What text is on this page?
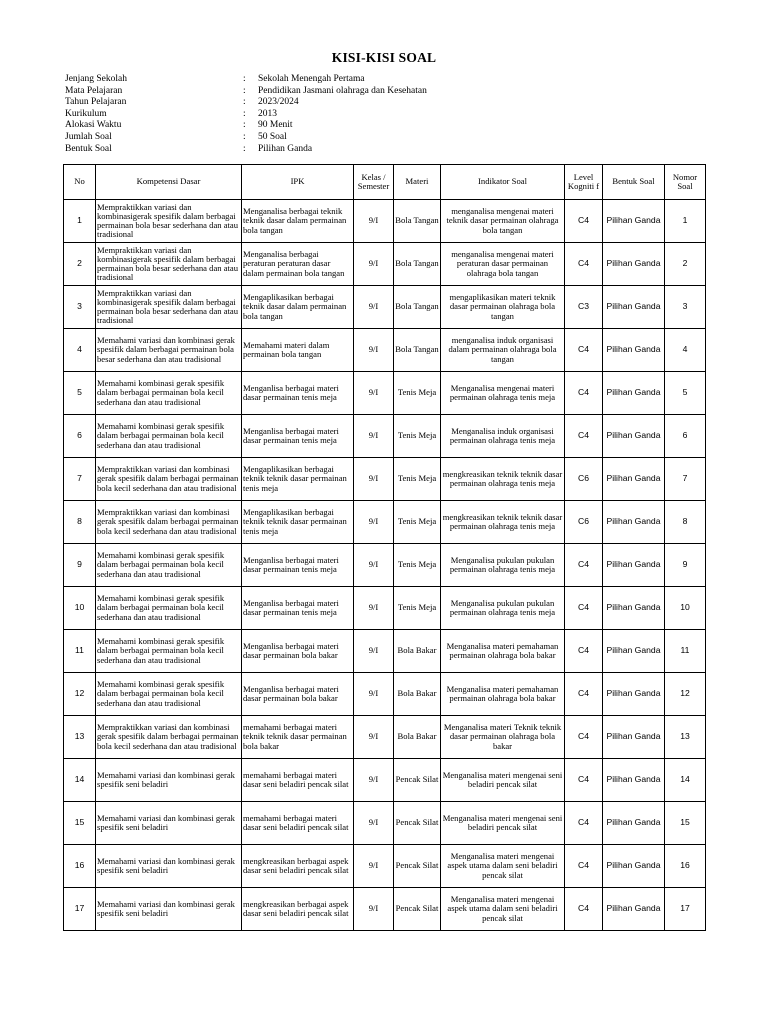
KISI-KISI SOAL
Jenjang Sekolah	:	Sekolah Menengah Pertama
Mata Pelajaran	:	Pendidikan Jasmani olahraga dan Kesehatan
Tahun Pelajaran	:	2023/2024
Kurikulum	:	2013
Alokasi Waktu	:	90 Menit
Jumlah Soal	:	50 Soal
Bentuk Soal	:	Pilihan Ganda
No	Kompetensi Dasar	IPK	Kelas / Semester	Materi	Indikator Soal	Level Kogniti f	Bentuk Soal	Nomor Soal
1	Mempraktikkan variasi dan kombinasigerak spesifik dalam berbagai permainan bola besar sederhana dan atau tradisional	Menganalisa berbagai teknik teknik dasar dalam permainan bola tangan	9/I	Bola Tangan	menganalisa mengenai materi teknik dasar permainan olahraga bola tangan	C4	Pilihan Ganda	1
2	Mempraktikkan variasi dan kombinasigerak spesifik dalam berbagai permainan bola besar sederhana dan atau tradisional	Menganalisa berbagai peraturan peraturan dasar dalam permainan bola tangan	9/I	Bola Tangan	menganalisa mengenai materi peraturan dasar permainan olahraga bola tangan	C4	Pilihan Ganda	2
3	Mempraktikkan variasi dan kombinasigerak spesifik dalam berbagai permainan bola besar sederhana dan atau tradisional	Mengaplikasikan berbagai teknik dasar dalam permainan bola tangan	9/I	Bola Tangan	mengaplikasikan materi teknik dasar permainan olahraga bola tangan	C3	Pilihan Ganda	3
4	Memahami variasi dan kombinasi gerak spesifik dalam berbagai permainan bola besar sederhana dan atau tradisional	Memahami materi dalam permainan bola tangan	9/I	Bola Tangan	menganalisa induk organisasi dalam permainan olahraga bola tangan	C4	Pilihan Ganda	4
5	Memahami kombinasi gerak spesifik dalam berbagai permainan bola kecil sederhana dan atau tradisional	Menganlisa berbagai materi dasar permainan tenis meja	9/I	Tenis Meja	Menganalisa mengenai materi permainan olahraga tenis meja	C4	Pilihan Ganda	5
6	Memahami kombinasi gerak spesifik dalam berbagai permainan bola kecil sederhana dan atau tradisional	Menganlisa berbagai materi dasar permainan tenis meja	9/I	Tenis Meja	Menganalisa induk organisasi permainan olahraga tenis meja	C4	Pilihan Ganda	6
7	Mempraktikkan variasi dan kombinasi gerak spesifik dalam berbagai permainan bola kecil sederhana dan atau tradisional	Mengaplikasikan berbagai teknik teknik dasar permainan tenis meja	9/I	Tenis Meja	mengkreasikan teknik teknik dasar permainan olahraga tenis meja	C6	Pilihan Ganda	7
8	Mempraktikkan variasi dan kombinasi gerak spesifik dalam berbagai permainan bola kecil sederhana dan atau tradisional	Mengaplikasikan berbagai teknik teknik dasar permainan tenis meja	9/I	Tenis Meja	mengkreasikan teknik teknik dasar permainan olahraga tenis meja	C6	Pilihan Ganda	8
9	Memahami kombinasi gerak spesifik dalam berbagai permainan bola kecil sederhana dan atau tradisional	Menganlisa berbagai materi dasar permainan tenis meja	9/I	Tenis Meja	Menganalisa pukulan pukulan permainan olahraga tenis meja	C4	Pilihan Ganda	9
10	Memahami kombinasi gerak spesifik dalam berbagai permainan bola kecil sederhana dan atau tradisional	Menganlisa berbagai materi dasar permainan tenis meja	9/I	Tenis Meja	Menganalisa pukulan pukulan permainan olahraga tenis meja	C4	Pilihan Ganda	10
11	Memahami kombinasi gerak spesifik dalam berbagai permainan bola kecil sederhana dan atau tradisional	Menganlisa berbagai materi dasar permainan bola bakar	9/I	Bola Bakar	Menganalisa materi pemahaman permainan olahraga bola bakar	C4	Pilihan Ganda	11
12	Memahami kombinasi gerak spesifik dalam berbagai permainan bola kecil sederhana dan atau tradisional	Menganlisa berbagai materi dasar permainan bola bakar	9/I	Bola Bakar	Menganalisa materi pemahaman permainan olahraga bola bakar	C4	Pilihan Ganda	12
13	Mempraktikkan variasi dan kombinasi gerak spesifik dalam berbagai permainan bola kecil sederhana dan atau tradisional	memahami berbagai materi teknik teknik dasar permainan bola bakar	9/I	Bola Bakar	Menganalisa materi Teknik teknik dasar permainan olahraga bola bakar	C4	Pilihan Ganda	13
14	Memahami variasi dan kombinasi gerak spesifik seni beladiri	memahami berbagai materi dasar seni beladiri pencak silat	9/I	Pencak Silat	Menganalisa materi mengenai seni beladiri pencak silat	C4	Pilihan Ganda	14
15	Memahami variasi dan kombinasi gerak spesifik seni beladiri	memahami berbagai materi dasar seni beladiri pencak silat	9/I	Pencak Silat	Menganalisa materi mengenai seni beladiri pencak silat	C4	Pilihan Ganda	15
16	Memahami variasi dan kombinasi gerak spesifik seni beladiri	mengkreasikan berbagai aspek dasar seni beladiri pencak silat	9/I	Pencak Silat	Menganalisa materi mengenai aspek utama dalam seni beladiri pencak silat	C4	Pilihan Ganda	16
17	Memahami variasi dan kombinasi gerak spesifik seni beladiri	mengkreasikan berbagai aspek dasar seni beladiri pencak silat	9/I	Pencak Silat	Menganalisa materi mengenai aspek utama dalam seni beladiri pencak silat	C4	Pilihan Ganda	17
